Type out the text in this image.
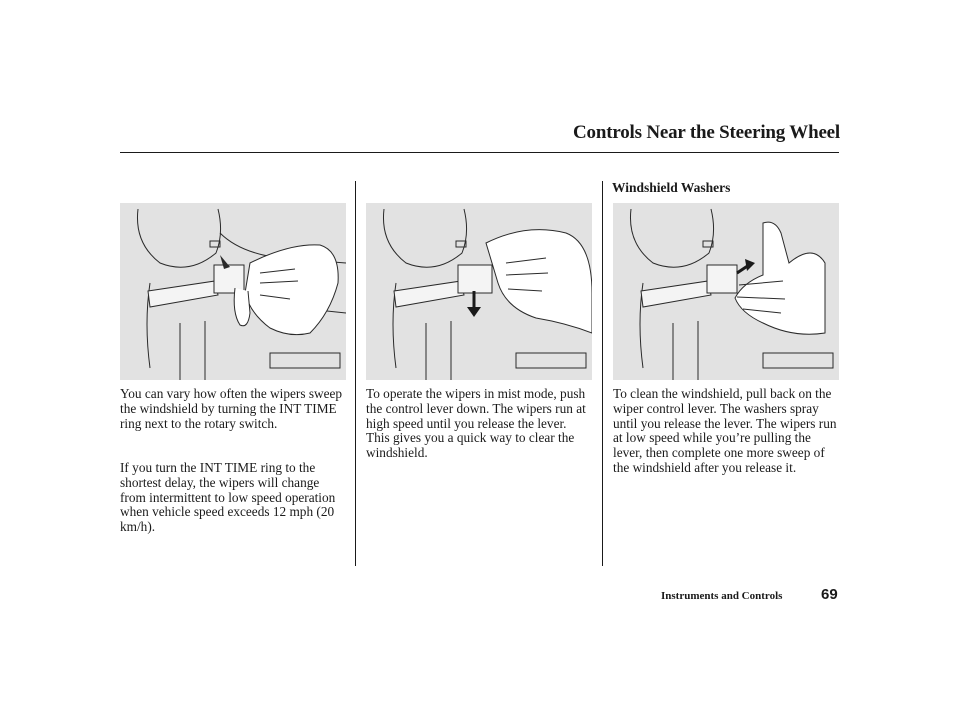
Controls Near the Steering Wheel
Windshield Washers

You can vary how often the wipers sweep the windshield by turning the INT TIME ring next to the rotary switch.

If you turn the INT TIME ring to the shortest delay, the wipers will change from intermittent to low speed operation when vehicle speed exceeds 12 mph (20 km/h).

To operate the wipers in mist mode, push the control lever down. The wipers run at high speed until you release the lever. This gives you a quick way to clear the windshield.

To clean the windshield, pull back on the wiper control lever. The washers spray until you release the lever. The wipers run at low speed while you’re pulling the lever, then complete one more sweep of the windshield after you release it.

Instruments and Controls	69
